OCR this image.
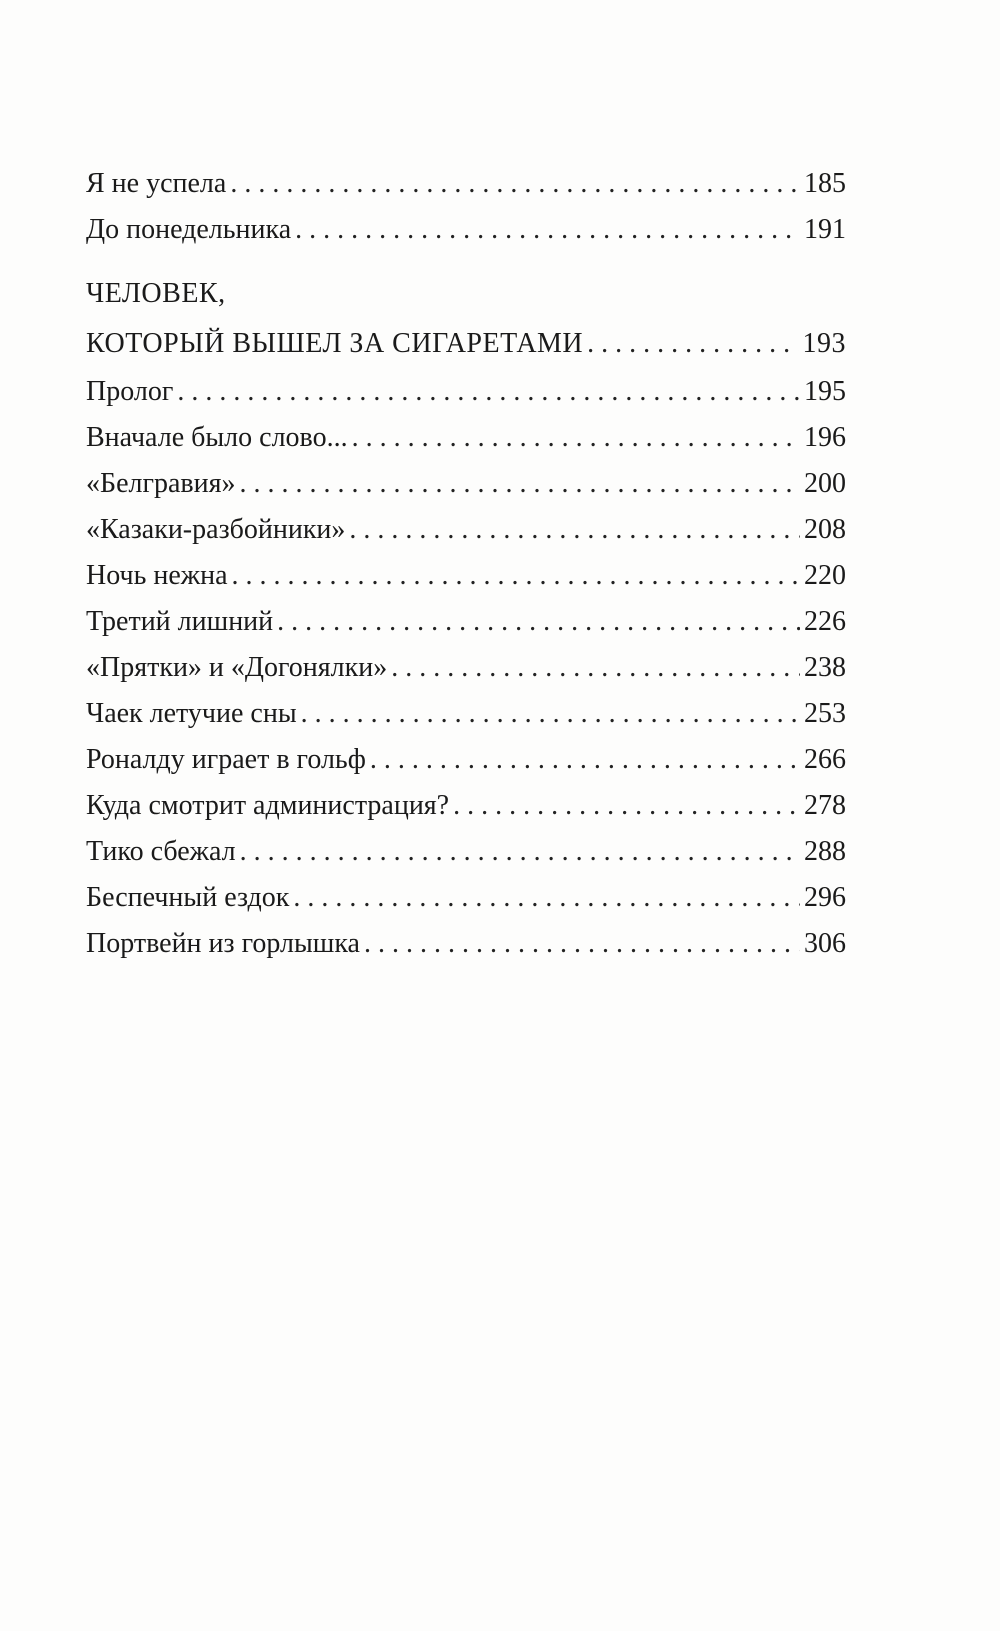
Я не успела . . .	185
До понедельника . . .	191
ЧЕЛОВЕК,
КОТОРЫЙ ВЫШЕЛ ЗА СИГАРЕТАМИ . . .	193
Пролог . . .	195
Вначале было слово... . . .	196
«Белгравия» . . .	200
«Казаки-разбойники» . . .	208
Ночь нежна . . .	220
Третий лишний . . .	226
«Прятки» и «Догонялки» . . .	238
Чаек летучие сны . . .	253
Роналду играет в гольф . . .	266
Куда смотрит администрация? . . .	278
Тико сбежал . . .	288
Беспечный ездок . . .	296
Портвейн из горлышка . . .	306
